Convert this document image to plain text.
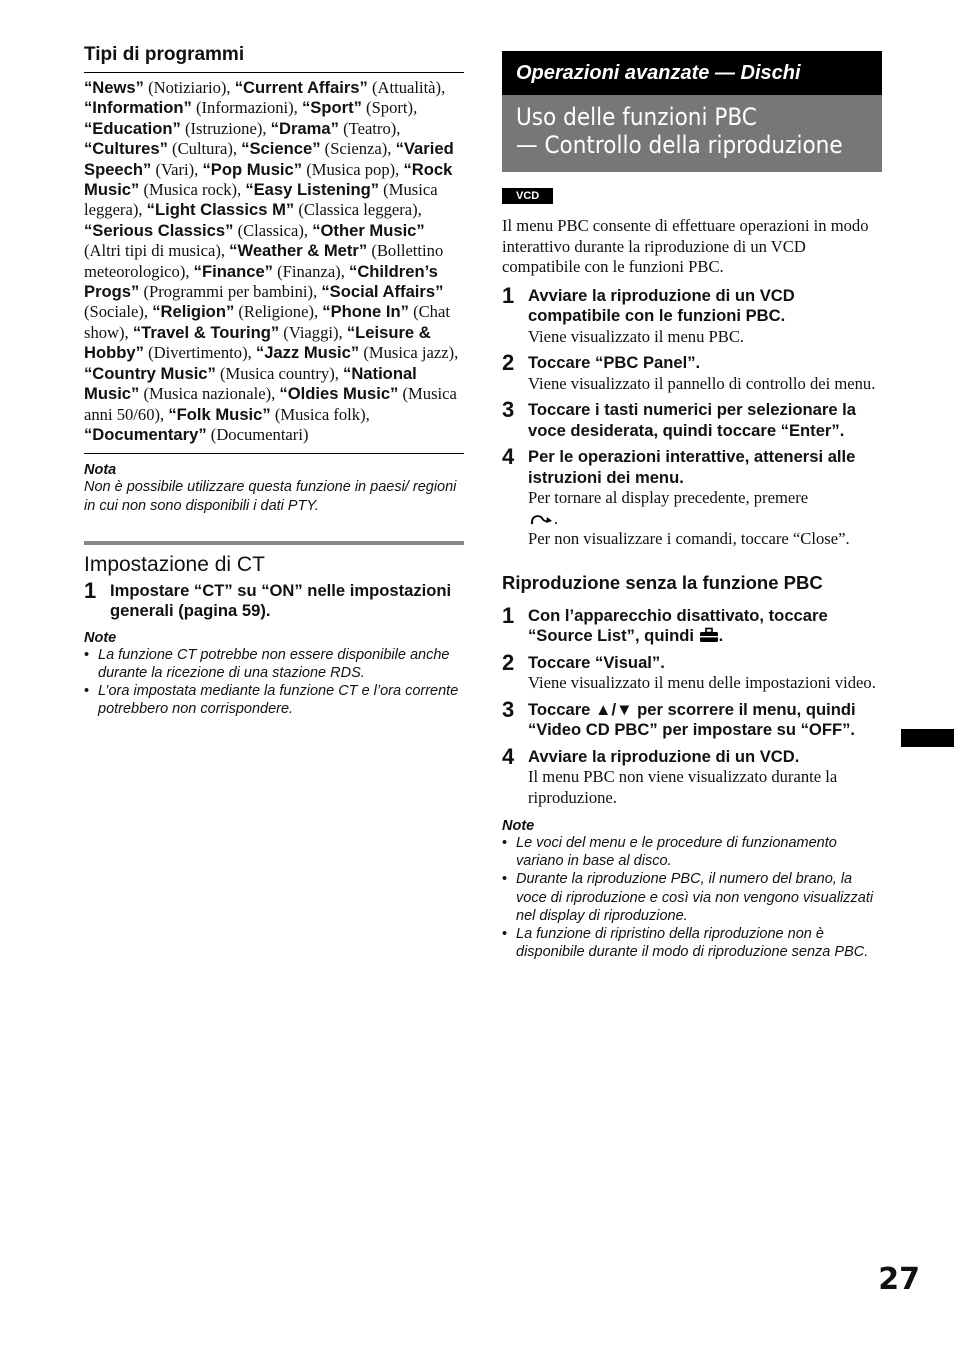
Tipi di programmi
“News” (Notiziario), “Current Affairs” (Attualità), “Information” (Informazioni), “Sport” (Sport), “Education” (Istruzione), “Drama” (Teatro), “Cultures” (Cultura), “Science” (Scienza), “Varied Speech” (Vari), “Pop Music” (Musica pop), “Rock Music” (Musica rock), “Easy Listening” (Musica leggera), “Light Classics M” (Classica leggera), “Serious Classics” (Classica), “Other Music” (Altri tipi di musica), “Weather & Metr” (Bollettino meteorologico), “Finance” (Finanza), “Children’s Progs” (Programmi per bambini), “Social Affairs” (Sociale), “Religion” (Religione), “Phone In” (Chat show), “Travel & Touring” (Viaggi), “Leisure & Hobby” (Divertimento), “Jazz Music” (Musica jazz), “Country Music” (Musica country), “National Music” (Musica nazionale), “Oldies Music” (Musica anni 50/60), “Folk Music” (Musica folk), “Documentary” (Documentari)
Nota
Non è possibile utilizzare questa funzione in paesi/ regioni in cui non sono disponibili i dati PTY.
Impostazione di CT
1 Impostare “CT” su “ON” nelle impostazioni generali (pagina 59).
Note
• La funzione CT potrebbe non essere disponibile anche durante la ricezione di una stazione RDS.
• L’ora impostata mediante la funzione CT e l’ora corrente potrebbero non corrispondere.
Operazioni avanzate — Dischi
Uso delle funzioni PBC
— Controllo della riproduzione
VCD
Il menu PBC consente di effettuare operazioni in modo interattivo durante la riproduzione di un VCD compatibile con le funzioni PBC.
1 Avviare la riproduzione di un VCD compatibile con le funzioni PBC.
Viene visualizzato il menu PBC.
2 Toccare “PBC Panel”.
Viene visualizzato il pannello di controllo dei menu.
3 Toccare i tasti numerici per selezionare la voce desiderata, quindi toccare “Enter”.
4 Per le operazioni interattive, attenersi alle istruzioni dei menu.
Per tornare al display precedente, premere
.
Per non visualizzare i comandi, toccare “Close”.
Riproduzione senza la funzione PBC
1 Con l’apparecchio disattivato, toccare “Source List”, quindi .
2 Toccare “Visual”.
Viene visualizzato il menu delle impostazioni video.
3 Toccare ▲/▼ per scorrere il menu, quindi “Video CD PBC” per impostare su “OFF”.
4 Avviare la riproduzione di un VCD.
Il menu PBC non viene visualizzato durante la riproduzione.
Note
• Le voci del menu e le procedure di funzionamento variano in base al disco.
• Durante la riproduzione PBC, il numero del brano, la voce di riproduzione e così via non vengono visualizzati nel display di riproduzione.
• La funzione di ripristino della riproduzione non è disponibile durante il modo di riproduzione senza PBC.
27
